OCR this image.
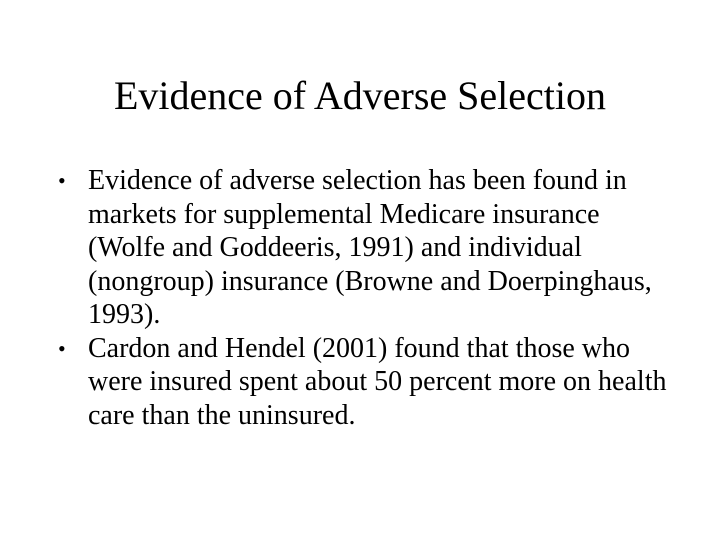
Evidence of Adverse Selection
• Evidence of adverse selection has been found in markets for supplemental Medicare insurance (Wolfe and Goddeeris, 1991) and individual (nongroup) insurance (Browne and Doerpinghaus, 1993).
• Cardon and Hendel (2001) found that those who were insured spent about 50 percent more on health care than the uninsured.
